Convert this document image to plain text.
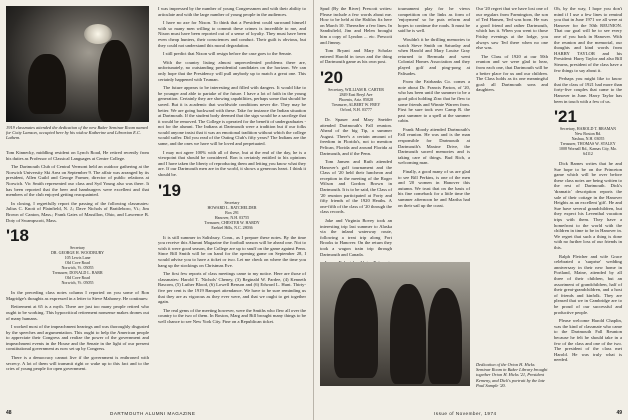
1919 classmates attended the dedication of the new Baker Seminar Room named for Cotty Lamson, occupied here by his widow Katherine and Librarian E.C. Lathem.

Tom Kinnecky, middling resident on Lynch Road, He retired recently from his duties as Professor of Classical Languages at Centre College.

The Dartmouth Club of Central Vermont held an outdoor gathering at the Norwich University Ski Area on September 9. The affair was arranged by its president, Allen Guild and George Farmer, director of public relations at Norwich. Vic Smith represented our class and Syd Young also was there. It has been reported that the beer and hamburgers were excellent and that members of the club enjoyed getting reacquainted.

In closing, I regretfully report the passing of the following classmates: Julius C. Knott of Plainfield, N. J.; Dave Nichols of Brattleboro, Vt.; Jim Brown of Canton, Mass.; Frank Gates of Massillon, Ohio, and Lawrence B. Doty of Swampscott, Mass.

'18
Secretary
DR. GEORGE H. WOODBURY
105 Lewis Lane
Old Cove Road
Norwich, Vt. 05055
Treasurer, DONALD L. BARR
Old Cove Road
Norwich, Vt. 05055

In the preceding class notes column I reported on you some of Ron Magridge's thoughts as expressed in a letter to Steve Mahoney. He continues:

Retirement at 65 is a myth. There are just too many people retired who ought to be working. This hypocritical retirement nonsense makes drones out of many humans.

I worked most of the impeachment hearings and was thoroughly disgusted by the speeches and argumentation. This ought to help the American people to appreciate their Congress and realize the power of the government and impeachment events in the House and the Senate in the light of our present constitutional government as now set up by Congress.

There is a democracy cannot live if the government is enthroned with secrecy. A lot of them will transmit right or wake up to this fact and to the cries of young people for open government.

I was impressed by the number of young Congressmen and with their ability to articulate and with the large number of young people in the audiences.

I have no axe for Nixon. To think that a President could surround himself with so many men willing to commit these crimes is incredible to me, and Nixon must have been reported out of a sense of loyalty. They must have been even cheap hunters, their consciences and conduct. Their guilt is obvious, but they could not understand this moral degradation.

I still predict that Nixon will resign before the case goes to the Senate.

With the country listing almost unprecedented problems there are, unfortunately, no outstanding presidential candidates on the horizon. We can only hope that the Presidency will pull anybody up to match a great one. This certainly happened with Truman.

The future appears to be interesting and filled with dangers. It would like to be younger and able to partake of the future. I have a lot of faith in the young generation. Certainly they are showing capabilities, perhaps some that should be saved. But it is academic that worldwide conditions never die. They may be better. We are going backward with these. Take for instance the Indian situation at Dartmouth. If the student body deemed that the sign would be a sacrilege that it would be removed. The College is operated for the benefit of undergraduates - not for the alumni. The Indians at Dartmouth were a tradition but if our folks would anyone insist that it was an emotional tradition without which the college would suffer. Did you read of the Outing Club's fifty years? The Indians are the same, and the ones we have will be loved and perpetuated.

I may not agree 100% with all of these, but at the end of the day, he is a viewpoint that should be considered. Ron is certainly entitled to his opinions and I have taken the liberty of reproducing them and letting you know what they are. If our Dartmouth men are in the world, it shows a generous heart. I think it should be.

'19
Secretary
HOWARD L. BATCHELDER
Box 291
Hanover, N.H. 03755
Treasurer, CHESTER W. HARDY
Ezekiel Hills, N.C. 28036

It is still summer in Salisbury. Conn., as I prepare these notes. By the time you receive this Alumni Magazine the football season will be ahead one. Not to wish it were good season, the College are up to snuff on the game against Penn. Since Bill Smith will be on hand for the opening game on September 28, I would advise you to have a ticket or two. Let me check on where the time you hang up the stockings on Christmas Eve.

The first few reports of class meetings came to my notice. Here are those of classmates: Harold T. 'Nichols' Cheney, (3) Reginald W. Pardee, (4) Kenneth Bascom, (5) Luther Blood, (6) Lowell Benson and (6) Edward L. Hunt. Thirty-five per cent is the 1919 Banquet attendance. We have to be sure reminding us that they are as vigorous as they ever were, and that we ought to get together again.

The real gems of the meeting however, were the Smiths who flew all over the country to the two of them. In Boston, Marg and Bill brought many things to be well chance to see New York City. Fine on a Republican ticket.

48	DARTMOUTH ALUMNI MAGAZINE

Spud (By the River) Prescott writes: Please include a few words about me. How to be held at the Halifax fix here on March 10. Thereafter a few lines. In Sandisfield, Jim and Helen brought him a copy of Lyndon ... etc. Prescott and Jimmy.

Tom Bryant and Mary Scholar entered Harold in town and the thing of Dartmouth game as his own post.

'20
Secretary, WILLIAM B. CARTER
2849 East Beryl Ave
Phoenix, Ariz. 85028
Treasurer, ALBERT W. FREY
Orford, N.H. 03777

Dr. Spauer and Mary Sneider attended Dartmouth's Fall reunion. Ahead of the big Tip, a summer August. There's a certain amount of freedom in Florida's, not to mention Pelican, Florida and around Florida at Dartmouth, and if the Penn.

Tom Jansen and Ruth attended Hanover's golf tournament and the Class of '20 held their luncheon and reception in the meeting of the Roger Wilson and Gordon Brown in Dartmouth. It is to be said, the Class of '20 reunion participated at Forty and fifty friends of the 1920 Heaths. A one-fifth of the class of '20 through the class records.

Jake and Virginia Bovey took an interesting trip last summer to Alaska via the inland waterway route, following a treat trip along Fort Brooks to Hanover. On the return they took a wagon train trip through Dartmouth and Canada.

tournament play for he views competition on the links as form of 'enjoyment' so he puts reform and hopes to continue the roads. It must be said he is well.

Wouldn't it be thrilling memories to watch Steve Smith on Saturday and when Harold and Mary Louise Gray returned to Bermuda and went Colonial Homes Association and they played golf and ping-pong at Palisades.

From the Fairbanks Co. comes a note about Dr. Francis Parton, of '20, who has been until the summer to be a good pilot holding Zinc that he flew to some friends and Winnie Warren from. First he sure took over Camp R. the past summer to a spell at the summer cabin.

Frank Moody attended Dartmouth's Fall reunion. He was and is the man responsible for Dartmouth at Dartmouth's Maxine Drive, the Dartmouth sacred memories and is taking care of things. Bud Rich, a welcoming man.

Finally, a good many of us are glad to see Bill Perkins, is one of the men and '20 women in Hanover this autumn. We trust that on the basis of his fine comeback for a little time the summer afternoon he and Martha had on their sail up the coast.

Our '20 regret that we have lost one of our regulars from Farmington, the son of Ted Hansen, Ted was born. He was a good friend and rather Dartmouth, which has it. When you went to those Friday evenings at the lodge, you always saw Ted there when no one else was.

The Class of 1920 at our 50th reunion and we were glad to hear, from each one, that Dartmouth will be a better place for us and our children. The Class holds as its one meaningful goal: all Dartmouth sons and daughters.

Oh, by the way, I hope you don't mind if I use a few lines to remind you that in June 1971 we all were at Hanover for the 50th REUNION. That our goal will be to see every one of you back in Hanover. With the reunion and the memorial, our thoughts and kind words from HARRY TAYLOR and his President: Harry Taylor and also Bill Stearns, president of the class have a few things to say about it.

Perhaps you might like to know that the class of 1921 had more than forty-five couples that came to the Hanover in June. Harry Taylor has been in touch with a few of us.

'21
Secretary, HAROLD T. BRAMAN
New Boston Rd.
Nashua, N.H. 03055
Treasurer, THOMAS W. STALEY
1008 Wornall Rd., Kansas City, Mo. 64112

Dick Barnes writes that he and Sue hope to be on the Princeton game which will be over before these class notes are being written to the rest of Dartmouth. Dick's 'dramatic' description reports the sale of their cottage in the Hanover Heights as an excellent 'gift'. He and Sue have several grandchildren, but they expect his Leventhal vacation trips with them. They have a homefront to the world with the children in time to be in Hanover in. We regret that such a thing is done with no further loss of our friends in this.

Ralph Fletcher and wife Grace celebrated a 'surprise' wedding anniversary in their new home in Portland, Maine, attended by all three of their children, but an assortment of grandchildren, half of their great-grandchildren, and a host of friends and kinfolk. They are pleased that we in Cambridge are to be proud of our successful and productive people.

Please welcome Harold Chaplin, was the kind of classmate who came to the Dartmouth Fall Reunion because he felt he should take in a few of the class and one of the two. The president of the class met Harold. He was truly what is needed.

Dedication of the Orton H. Hicks Seminar Room in Baker Library brought together Orton H. Hicks '21, President Kemeny, and Dick's portrait by the late Paul Sample '20.
Issue of November, 1974	49
